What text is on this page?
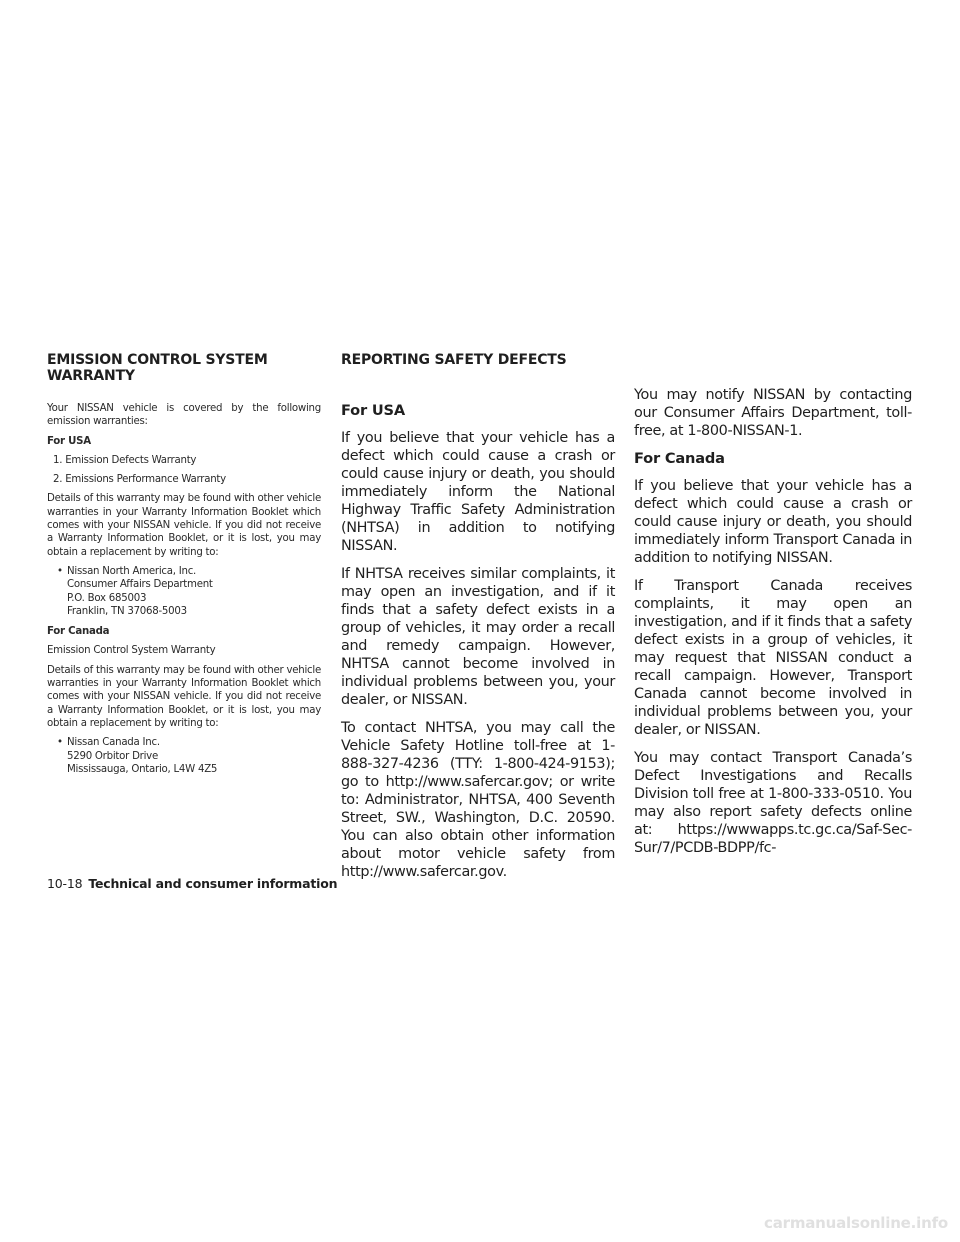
EMISSION CONTROL SYSTEM
WARRANTY

Your NISSAN vehicle is covered by the following emission warranties:

For USA
1. Emission Defects Warranty
2. Emissions Performance Warranty

Details of this warranty may be found with other vehicle warranties in your Warranty Information Booklet which comes with your NISSAN vehicle. If you did not receive a Warranty Information Booklet, or it is lost, you may obtain a replacement by writing to:

• Nissan North America, Inc.
Consumer Affairs Department
P.O. Box 685003
Franklin, TN 37068-5003
For Canada

Emission Control System Warranty

Details of this warranty may be found with other vehicle warranties in your Warranty Information Booklet which comes with your NISSAN vehicle. If you did not receive a Warranty Information Booklet, or it is lost, you may obtain a replacement by writing to:

• Nissan Canada Inc.
5290 Orbitor Drive
Mississauga, Ontario, L4W 4Z5
REPORTING SAFETY DEFECTS
For USA

If you believe that your vehicle has a defect which could cause a crash or could cause injury or death, you should immediately inform the National Highway Traffic Safety Administration (NHTSA) in addition to notifying NISSAN.

If NHTSA receives similar complaints, it may open an investigation, and if it finds that a safety defect exists in a group of vehicles, it may order a recall and remedy campaign. However, NHTSA cannot become involved in individual problems between you, your dealer, or NISSAN.

To contact NHTSA, you may call the Vehicle Safety Hotline toll-free at 1-888-327-4236 (TTY: 1-800-424-9153); go to http://www.safercar.gov; or write to: Administrator, NHTSA, 400 Seventh Street, SW., Washington, D.C. 20590. You can also obtain other information about motor vehicle safety from http://www.safercar.gov.

You may notify NISSAN by contacting our Consumer Affairs Department, toll-free, at 1-800-NISSAN-1.

For Canada

If you believe that your vehicle has a defect which could cause a crash or could cause injury or death, you should immediately inform Transport Canada in addition to notifying NISSAN.

If Transport Canada receives complaints, it may open an investigation, and if it finds that a safety defect exists in a group of vehicles, it may request that NISSAN conduct a recall campaign. However, Transport Canada cannot become involved in individual problems between you, your dealer, or NISSAN.

You may contact Transport Canada’s Defect Investigations and Recalls Division toll free at 1-800-333-0510. You may also report safety defects online at: https://wwwapps.tc.gc.ca/Saf-Sec-Sur/7/PCDB-BDPP/fc-

10-18 Technical and consumer information
carmanualsonline.info
